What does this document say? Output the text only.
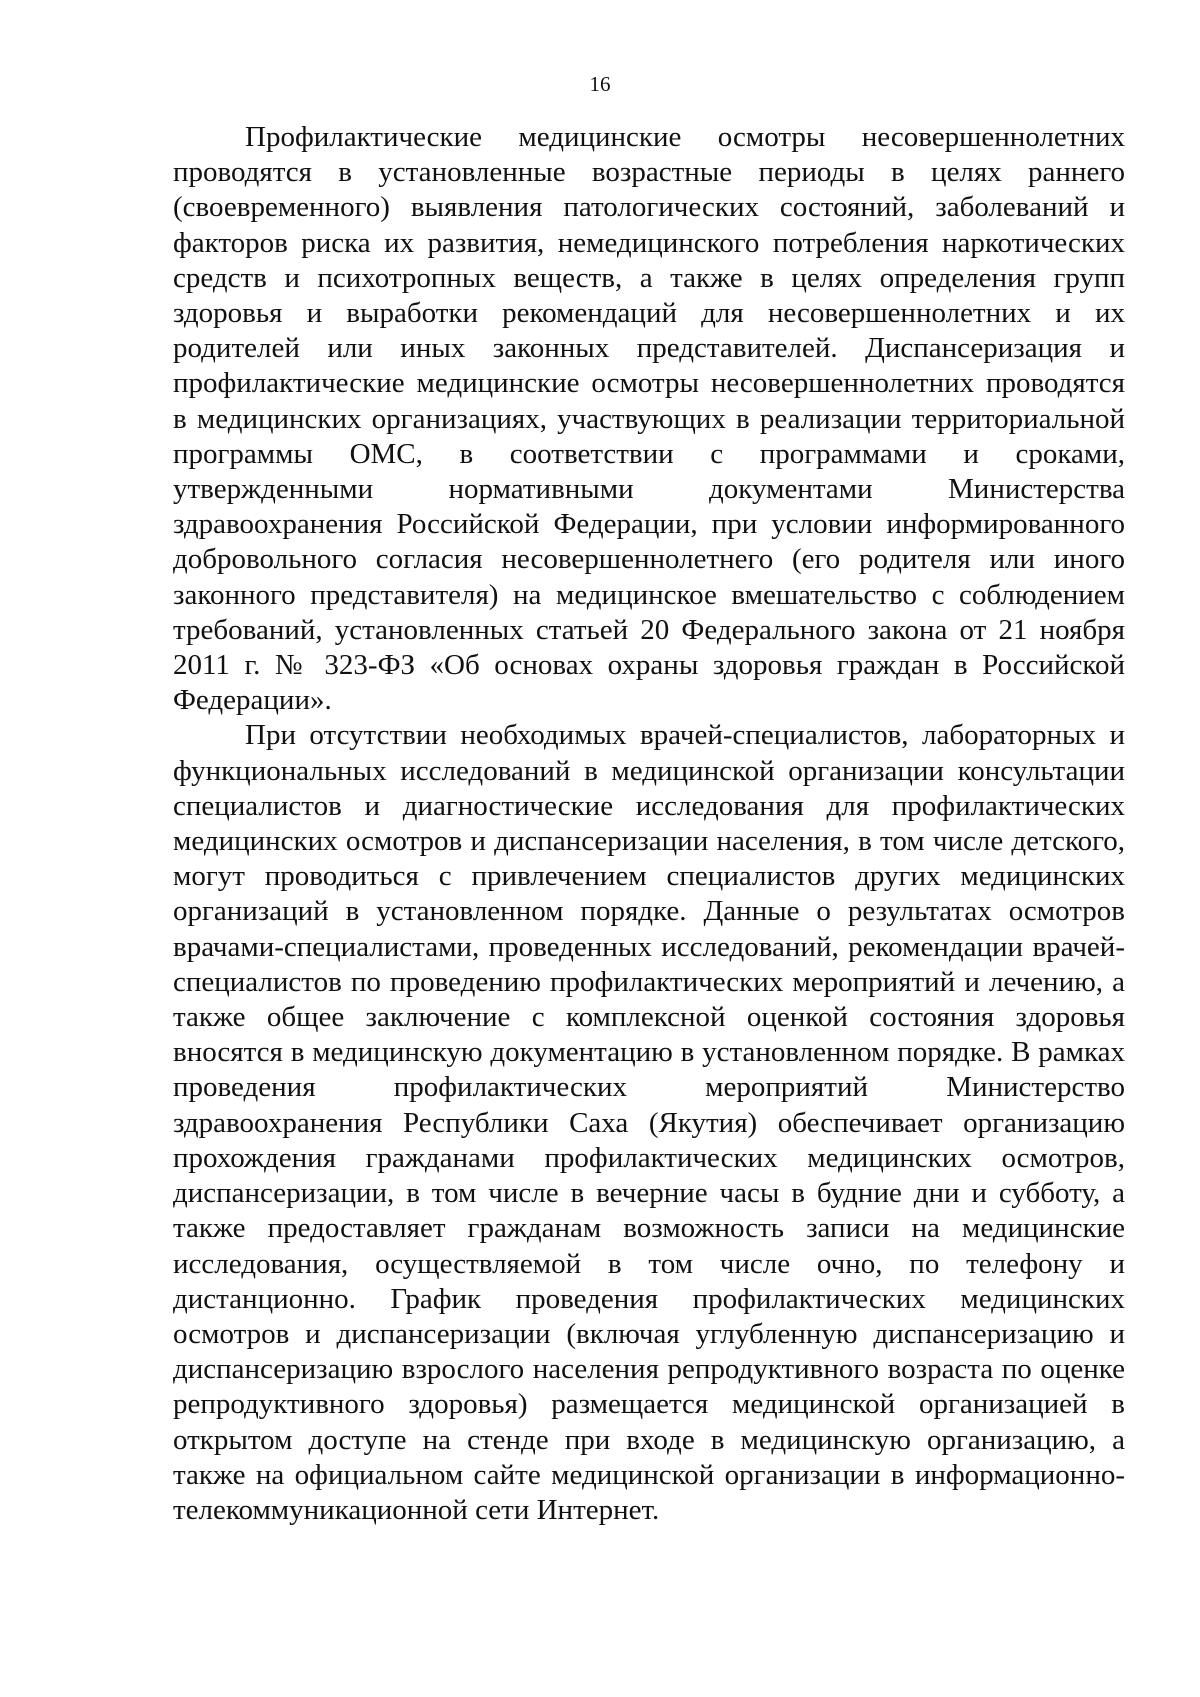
16

Профилактические медицинские осмотры несовершеннолетних проводятся в установленные возрастные периоды в целях раннего (своевременного) выявления патологических состояний, заболеваний и факторов риска их развития, немедицинского потребления наркотических средств и психотропных веществ, а также в целях определения групп здоровья и выработки рекомендаций для несовершеннолетних и их родителей или иных законных представителей. Диспансеризация и профилактические медицинские осмотры несовершеннолетних проводятся в медицинских организациях, участвующих в реализации территориальной программы ОМС, в соответствии с программами и сроками, утвержденными нормативными документами Министерства здравоохранения Российской Федерации, при условии информированного добровольного согласия несовершеннолетнего (его родителя или иного законного представителя) на медицинское вмешательство с соблюдением требований, установленных статьей 20 Федерального закона от 21 ноября 2011 г. № 323-ФЗ «Об основах охраны здоровья граждан в Российской Федерации».

При отсутствии необходимых врачей-специалистов, лабораторных и функциональных исследований в медицинской организации консультации специалистов и диагностические исследования для профилактических медицинских осмотров и диспансеризации населения, в том числе детского, могут проводиться с привлечением специалистов других медицинских организаций в установленном порядке. Данные о результатах осмотров врачами-специалистами, проведенных исследований, рекомендации врачей-специалистов по проведению профилактических мероприятий и лечению, а также общее заключение с комплексной оценкой состояния здоровья вносятся в медицинскую документацию в установленном порядке. В рамках проведения профилактических мероприятий Министерство здравоохранения Республики Саха (Якутия) обеспечивает организацию прохождения гражданами профилактических медицинских осмотров, диспансеризации, в том числе в вечерние часы в будние дни и субботу, а также предоставляет гражданам возможность записи на медицинские исследования, осуществляемой в том числе очно, по телефону и дистанционно. График проведения профилактических медицинских осмотров и диспансеризации (включая углубленную диспансеризацию и диспансеризацию взрослого населения репродуктивного возраста по оценке репродуктивного здоровья) размещается медицинской организацией в открытом доступе на стенде при входе в медицинскую организацию, а также на официальном сайте медицинской организации в информационно-телекоммуникационной сети Интернет.
